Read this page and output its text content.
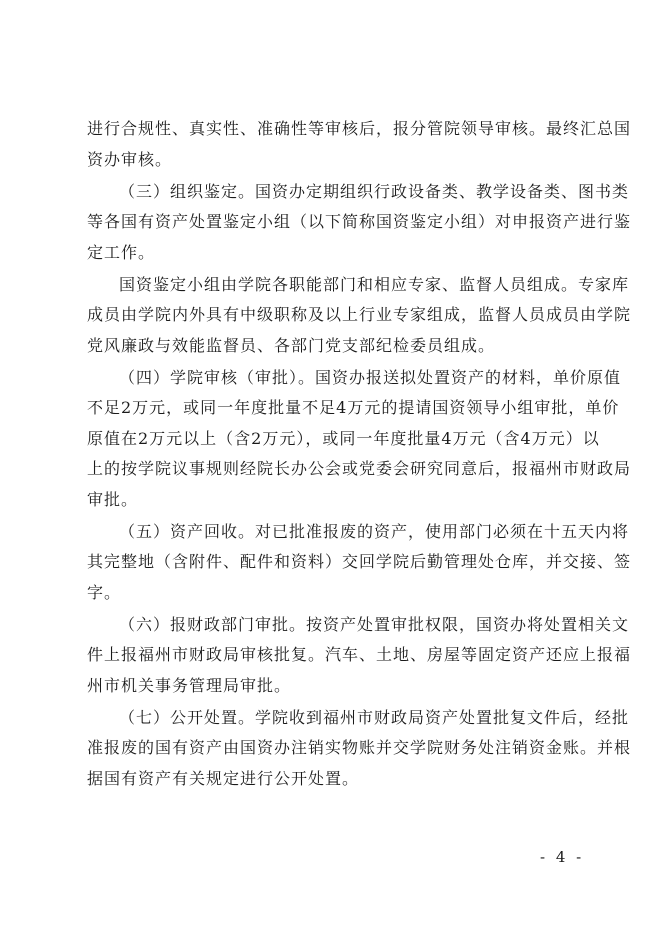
进行合规性、真实性、准确性等审核后，报分管院领导审核。最终汇总国
资办审核。
（三）组织鉴定。国资办定期组织行政设备类、教学设备类、图书类
等各国有资产处置鉴定小组（以下简称国资鉴定小组）对申报资产进行鉴
定工作。
国资鉴定小组由学院各职能部门和相应专家、监督人员组成。专家库
成员由学院内外具有中级职称及以上行业专家组成，监督人员成员由学院
党风廉政与效能监督员、各部门党支部纪检委员组成。
（四）学院审核（审批）。国资办报送拟处置资产的材料，单价原值
不足2万元，或同一年度批量不足4万元的提请国资领导小组审批，单价
原值在2万元以上（含2万元），或同一年度批量4万元（含4万元）以
上的按学院议事规则经院长办公会或党委会研究同意后，报福州市财政局
审批。
（五）资产回收。对已批准报废的资产，使用部门必须在十五天内将
其完整地（含附件、配件和资料）交回学院后勤管理处仓库，并交接、签
字。
（六）报财政部门审批。按资产处置审批权限，国资办将处置相关文
件上报福州市财政局审核批复。汽车、土地、房屋等固定资产还应上报福
州市机关事务管理局审批。
（七）公开处置。学院收到福州市财政局资产处置批复文件后，经批
准报废的国有资产由国资办注销实物账并交学院财务处注销资金账。并根
据国有资产有关规定进行公开处置。
- 4 -
